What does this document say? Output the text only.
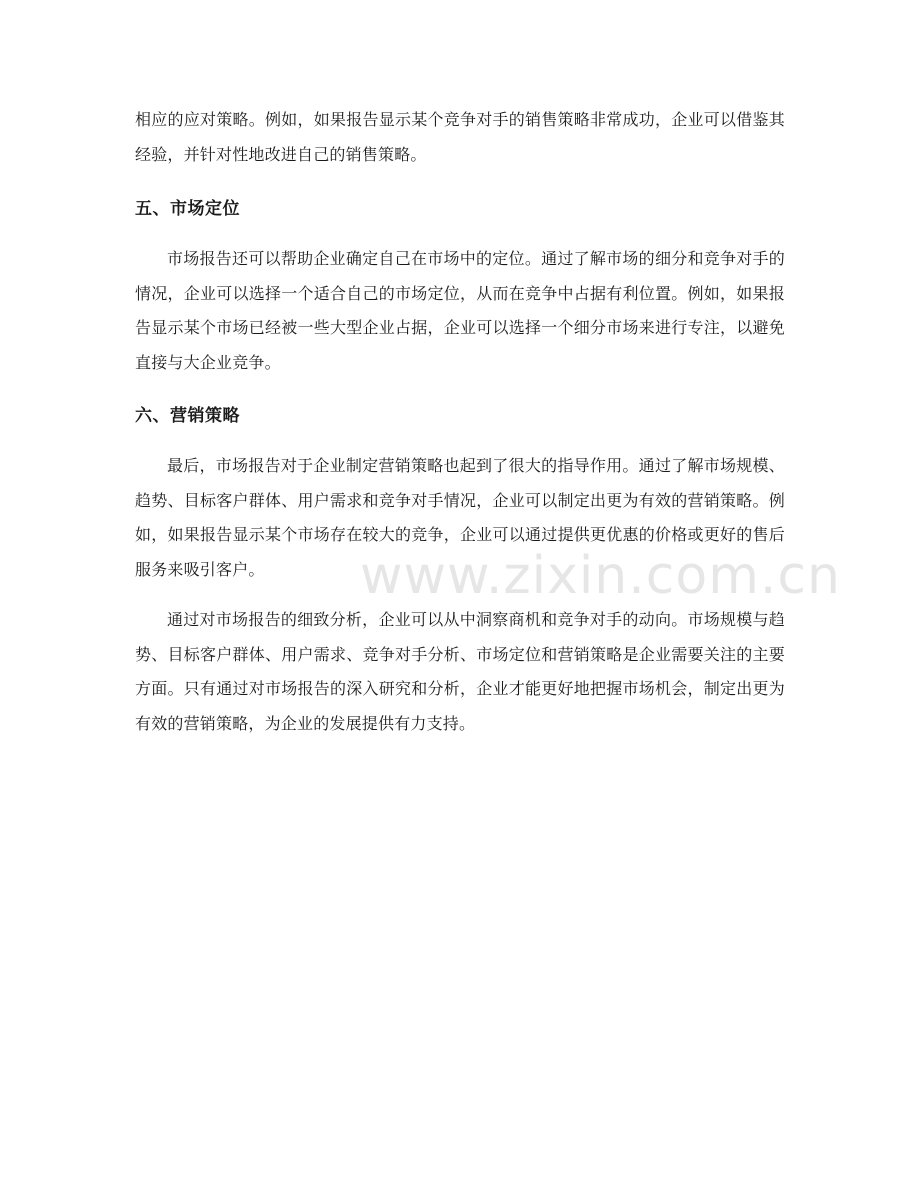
相应的应对策略。例如，如果报告显示某个竞争对手的销售策略非常成功，企业可以借鉴其经验，并针对性地改进自己的销售策略。

五、市场定位

市场报告还可以帮助企业确定自己在市场中的定位。通过了解市场的细分和竞争对手的情况，企业可以选择一个适合自己的市场定位，从而在竞争中占据有利位置。例如，如果报告显示某个市场已经被一些大型企业占据，企业可以选择一个细分市场来进行专注，以避免直接与大企业竞争。

六、营销策略

最后，市场报告对于企业制定营销策略也起到了很大的指导作用。通过了解市场规模、趋势、目标客户群体、用户需求和竞争对手情况，企业可以制定出更为有效的营销策略。例如，如果报告显示某个市场存在较大的竞争，企业可以通过提供更优惠的价格或更好的售后服务来吸引客户。

通过对市场报告的细致分析，企业可以从中洞察商机和竞争对手的动向。市场规模与趋势、目标客户群体、用户需求、竞争对手分析、市场定位和营销策略是企业需要关注的主要方面。只有通过对市场报告的深入研究和分析，企业才能更好地把握市场机会，制定出更为有效的营销策略，为企业的发展提供有力支持。

www.zixin.com.cn
